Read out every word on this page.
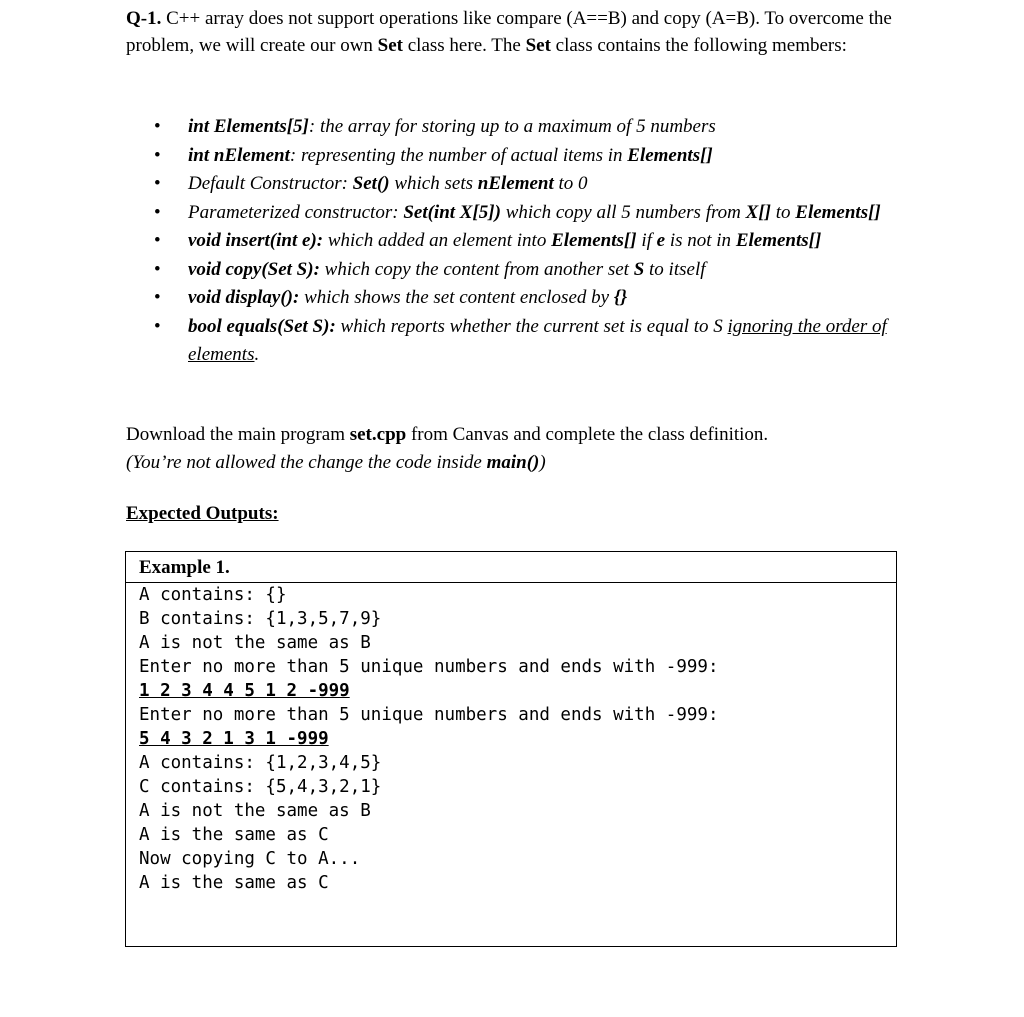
Q-1. C++ array does not support operations like compare (A==B) and copy (A=B). To overcome the problem, we will create our own Set class here. The Set class contains the following members:
• int Elements[5]: the array for storing up to a maximum of 5 numbers
• int nElement: representing the number of actual items in Elements[]
• Default Constructor: Set() which sets nElement to 0
• Parameterized constructor: Set(int X[5]) which copy all 5 numbers from X[] to Elements[]
• void insert(int e): which added an element into Elements[] if e is not in Elements[]
• void copy(Set S): which copy the content from another set S to itself
• void display(): which shows the set content enclosed by {}
• bool equals(Set S): which reports whether the current set is equal to S ignoring the order of elements.
Download the main program set.cpp from Canvas and complete the class definition.
(You’re not allowed the change the code inside main())
Expected Outputs:
Example 1.
A contains: {}
B contains: {1,3,5,7,9}
A is not the same as B
Enter no more than 5 unique numbers and ends with -999:
1 2 3 4 4 5 1 2 -999
Enter no more than 5 unique numbers and ends with -999:
5 4 3 2 1 3 1 -999
A contains: {1,2,3,4,5}
C contains: {5,4,3,2,1}
A is not the same as B
A is the same as C
Now copying C to A...
A is the same as C
